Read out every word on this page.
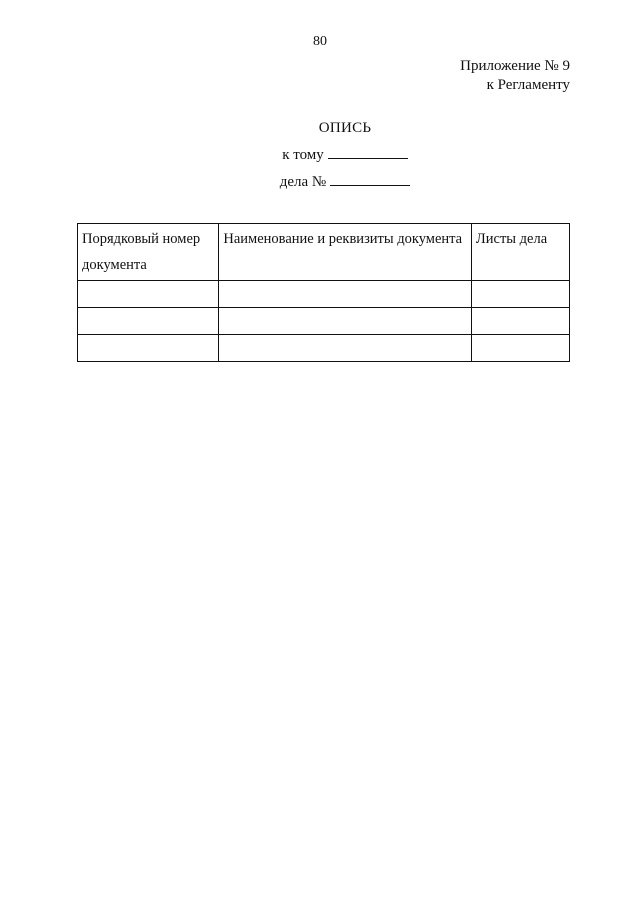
80
Приложение № 9
к Регламенту
ОПИСЬ
к тому
дела №
Порядковый номер документа	Наименование и реквизиты документа	Листы дела
